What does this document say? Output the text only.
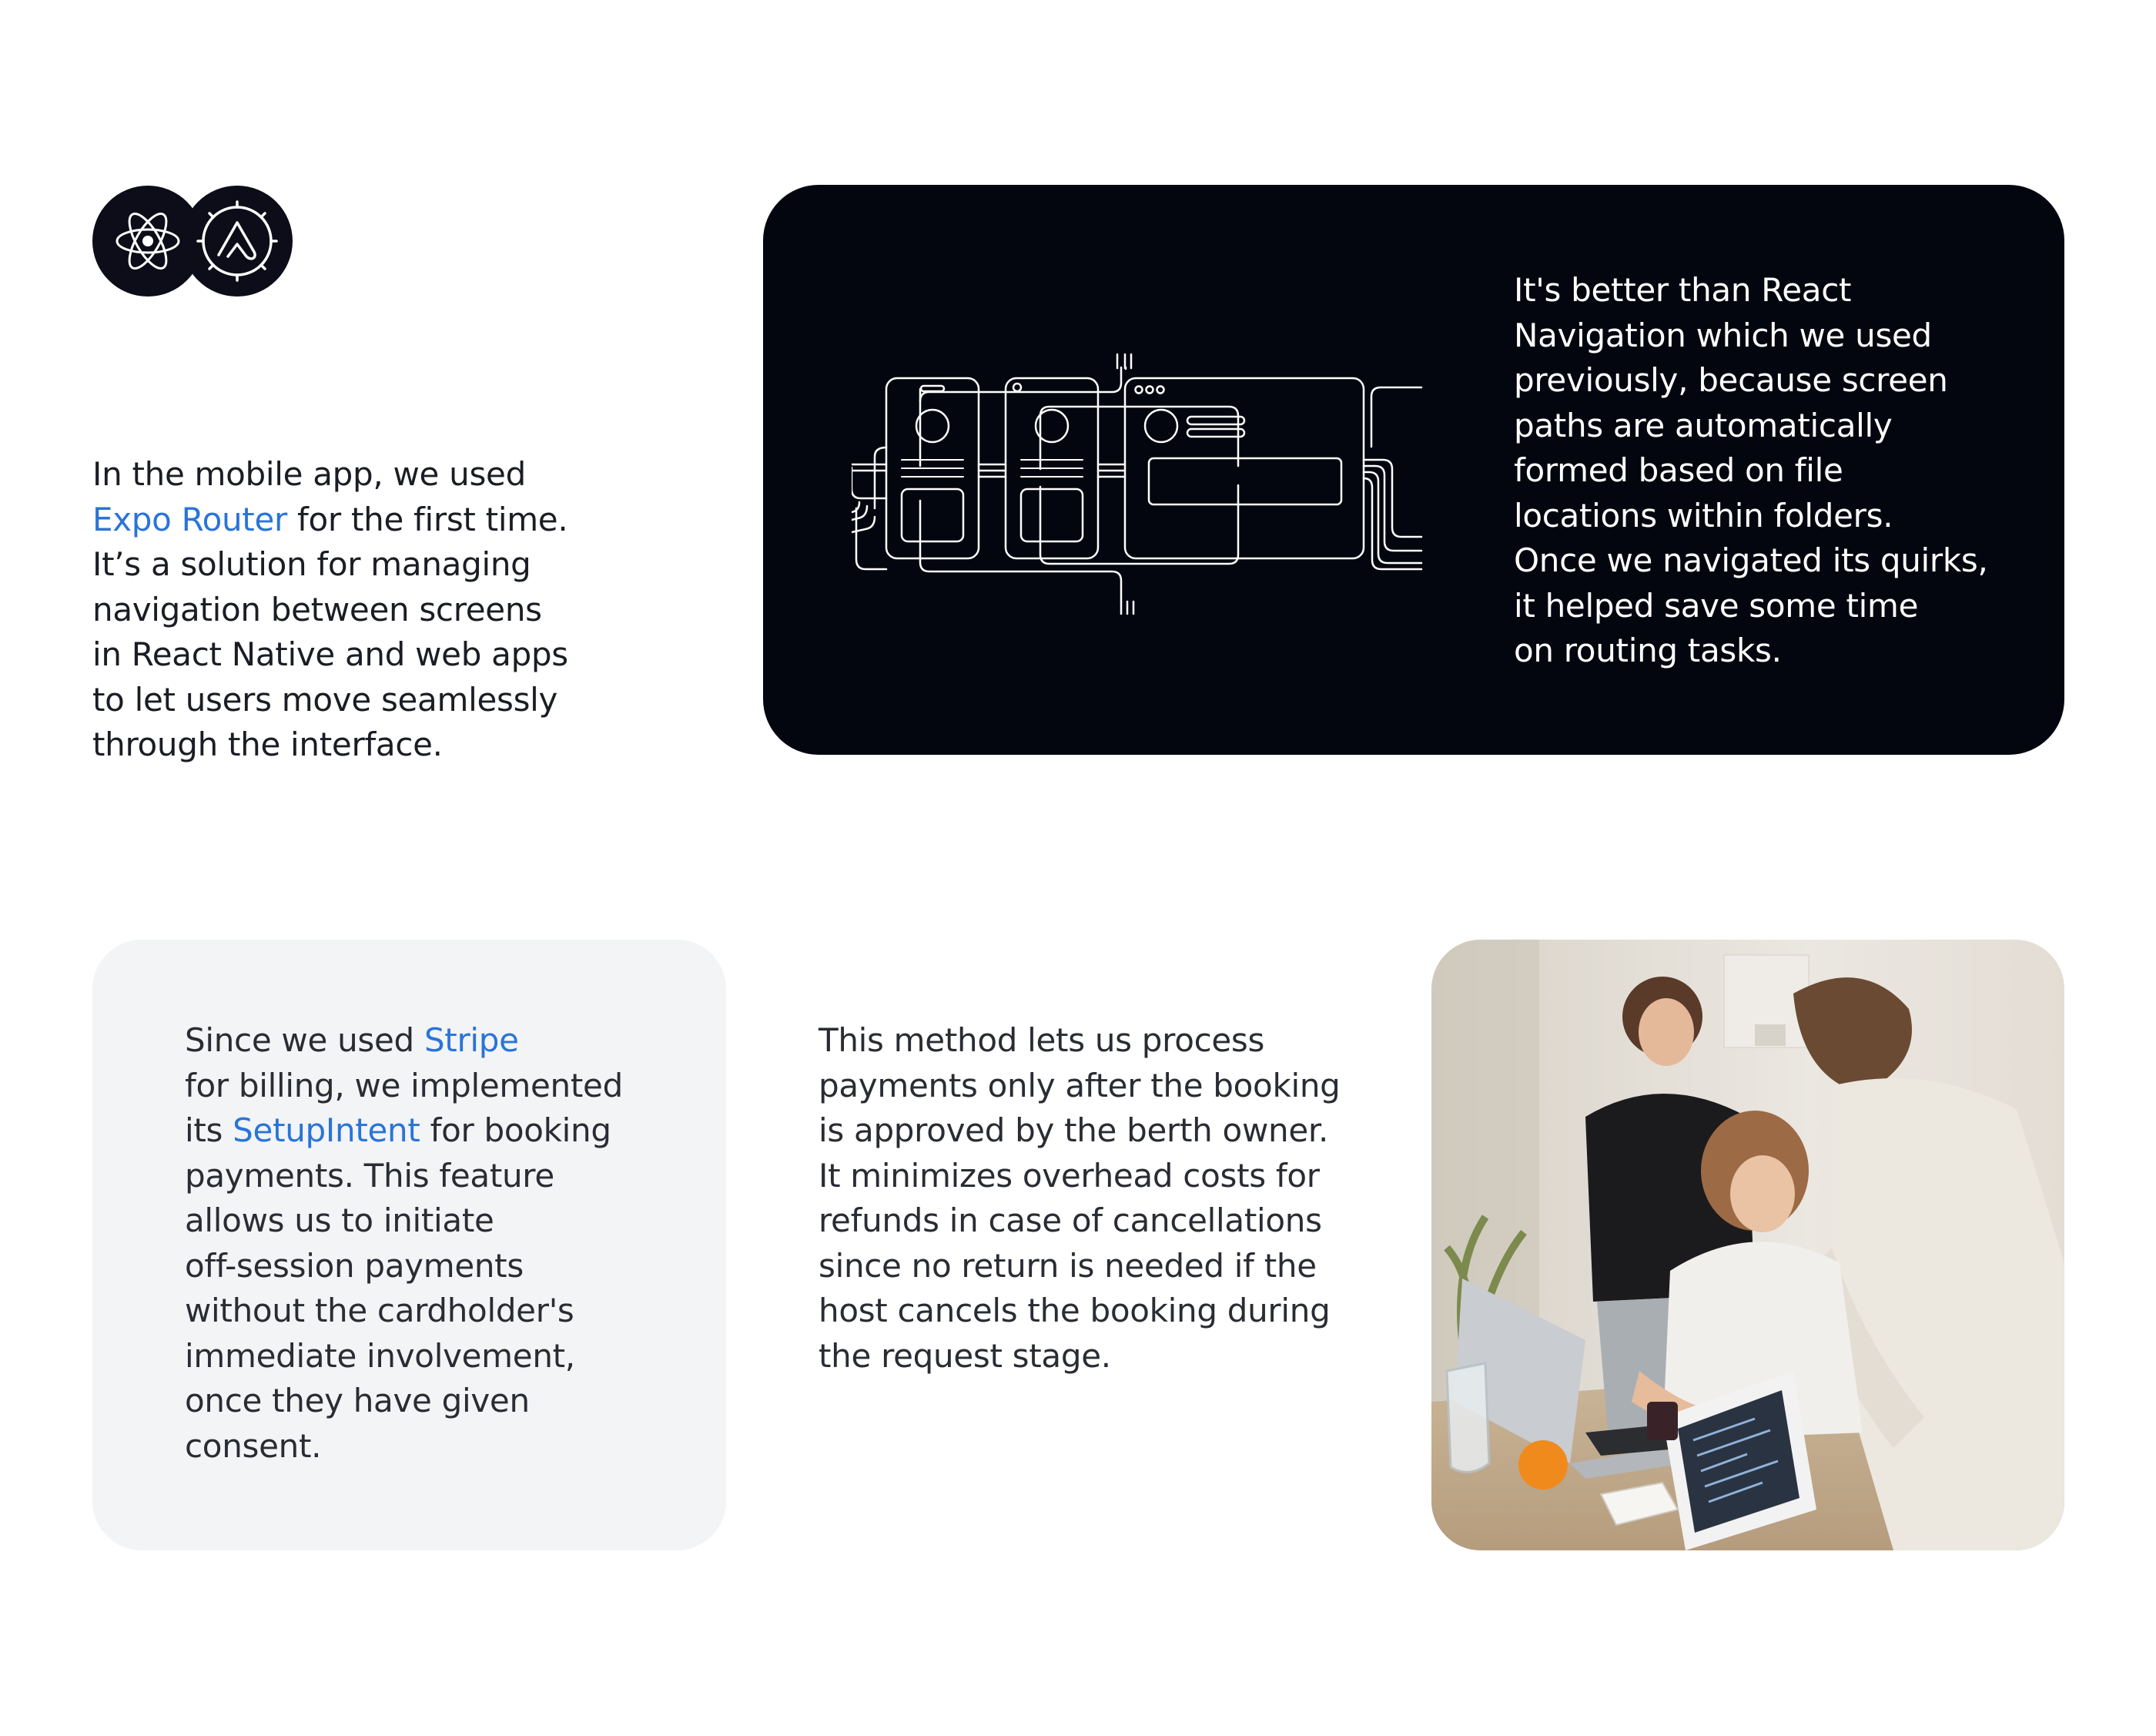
In the mobile app, we used
Expo Router for the first time.
It’s a solution for managing
navigation between screens
in React Native and web apps
to let users move seamlessly
through the interface.

It's better than React
Navigation which we used
previously, because screen
paths are automatically
formed based on file
locations within folders.
Once we navigated its quirks,
it helped save some time
on routing tasks.

Since we used Stripe
for billing, we implemented
its SetupIntent for booking
payments. This feature
allows us to initiate
off-session payments
without the cardholder's
immediate involvement,
once they have given
consent.

This method lets us process
payments only after the booking
is approved by the berth owner.
It minimizes overhead costs for
refunds in case of cancellations
since no return is needed if the
host cancels the booking during
the request stage.
